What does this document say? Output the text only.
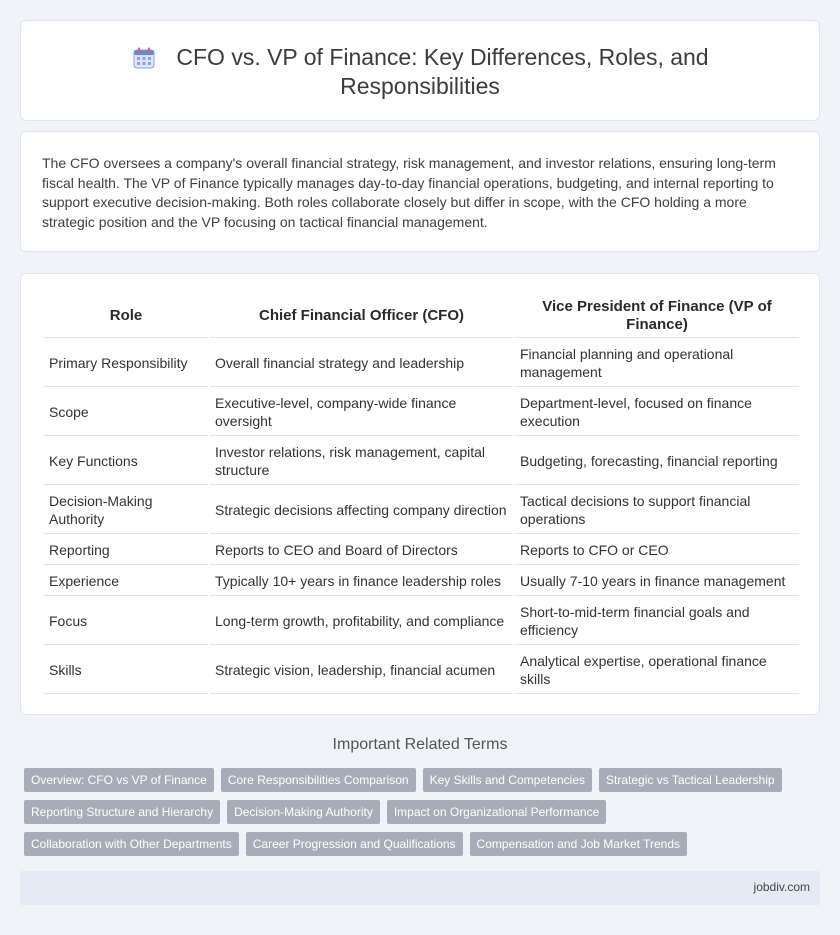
CFO vs. VP of Finance: Key Differences, Roles, and
Responsibilities

The CFO oversees a company's overall financial strategy, risk management, and investor relations, ensuring long-term fiscal health. The VP of Finance typically manages day-to-day financial operations, budgeting, and internal reporting to support executive decision-making. Both roles collaborate closely but differ in scope, with the CFO holding a more strategic position and the VP focusing on tactical financial management.

Role	Chief Financial Officer (CFO)	Vice President of Finance (VP of Finance)
Primary Responsibility	Overall financial strategy and leadership	Financial planning and operational management
Scope	Executive-level, company-wide finance oversight	Department-level, focused on finance execution
Key Functions	Investor relations, risk management, capital structure	Budgeting, forecasting, financial reporting
Decision-Making Authority	Strategic decisions affecting company direction	Tactical decisions to support financial operations
Reporting	Reports to CEO and Board of Directors	Reports to CFO or CEO
Experience	Typically 10+ years in finance leadership roles	Usually 7-10 years in finance management
Focus	Long-term growth, profitability, and compliance	Short-to-mid-term financial goals and efficiency
Skills	Strategic vision, leadership, financial acumen	Analytical expertise, operational finance skills
Important Related Terms
Overview: CFO vs VP of Finance	Core Responsibilities Comparison	Key Skills and Competencies	Strategic vs Tactical Leadership
Reporting Structure and Hierarchy	Decision-Making Authority	Impact on Organizational Performance
Collaboration with Other Departments	Career Progression and Qualifications	Compensation and Job Market Trends
jobdiv.com
